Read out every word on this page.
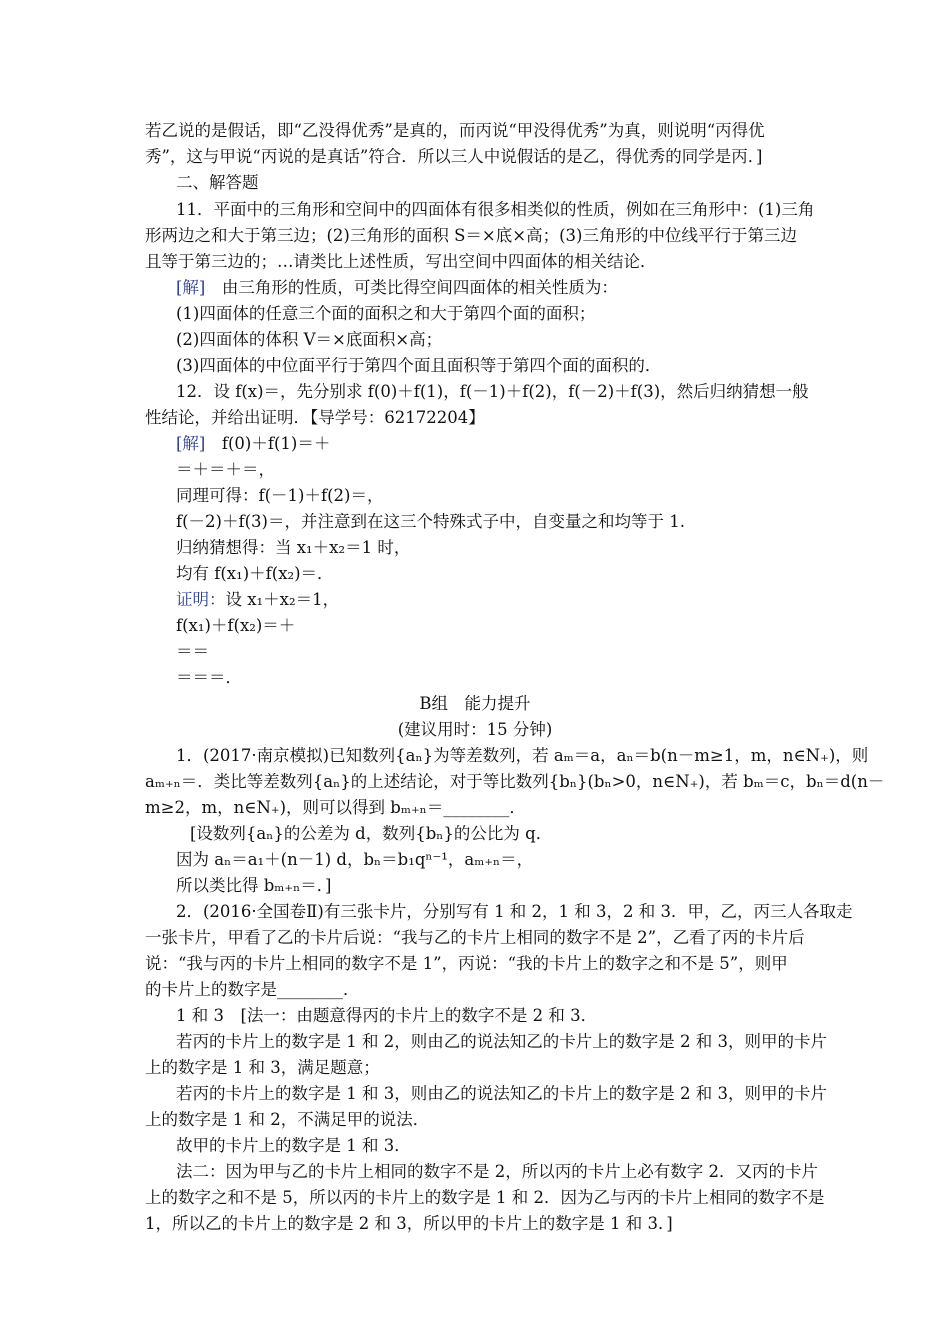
若乙说的是假话，即“乙没得优秀”是真的，而丙说“甲没得优秀”为真，则说明“丙得优
秀”，这与甲说“丙说的是真话”符合．所以三人中说假话的是乙，得优秀的同学是丙．]
二、解答题
11．平面中的三角形和空间中的四面体有很多相类似的性质，例如在三角形中：(1)三角
形两边之和大于第三边；(2)三角形的面积 S＝×底×高；(3)三角形的中位线平行于第三边
且等于第三边的；…请类比上述性质，写出空间中四面体的相关结论．
[解]　 由三角形的性质，可类比得空间四面体的相关性质为：
(1)四面体的任意三个面的面积之和大于第四个面的面积；
(2)四面体的体积 V＝×底面积×高；
(3)四面体的中位面平行于第四个面且面积等于第四个面的面积的．
12．设 f(x)＝，先分别求 f(0)＋f(1)，f(－1)＋f(2)，f(－2)＋f(3)，然后归纳猜想一般
性结论，并给出证明．【导学号：62172204】
[解]　 f(0)＋f(1)＝＋
＝＋＝＋＝，
同理可得：f(－1)＋f(2)＝，
f(－2)＋f(3)＝，并注意到在这三个特殊式子中，自变量之和均等于 1.
归纳猜想得：当 x₁＋x₂＝1 时，
均有 f(x₁)＋f(x₂)＝．
证明：设 x₁＋x₂＝1，
f(x₁)＋f(x₂)＝＋
＝＝
＝＝＝．
B组　能力提升
(建议用时：15 分钟)
1．(2017·南京模拟)已知数列{aₙ}为等差数列，若 aₘ＝a，aₙ＝b(n－m≥1，m，n∈N₊)，则
aₘ₊ₙ＝．类比等差数列{aₙ}的上述结论，对于等比数列{bₙ}(bₙ>0，n∈N₊)，若 bₘ＝c，bₙ＝d(n－
m≥2，m，n∈N₊)，则可以得到 bₘ₊ₙ＝________．
[设数列{aₙ}的公差为 d，数列{bₙ}的公比为 q．
因为 aₙ＝a₁＋(n－1) d，bₙ＝b₁qⁿ⁻¹，aₘ₊ₙ＝，
所以类比得 bₘ₊ₙ＝．]
2．(2016·全国卷Ⅱ)有三张卡片，分别写有 1 和 2，1 和 3，2 和 3．甲，乙，丙三人各取走
一张卡片，甲看了乙的卡片后说：“我与乙的卡片上相同的数字不是 2”，乙看了丙的卡片后
说：“我与丙的卡片上相同的数字不是 1”，丙说：“我的卡片上的数字之和不是 5”，则甲
的卡片上的数字是________．
1 和 3　[法一：由题意得丙的卡片上的数字不是 2 和 3．
若丙的卡片上的数字是 1 和 2，则由乙的说法知乙的卡片上的数字是 2 和 3，则甲的卡片
上的数字是 1 和 3，满足题意；
若丙的卡片上的数字是 1 和 3，则由乙的说法知乙的卡片上的数字是 2 和 3，则甲的卡片
上的数字是 1 和 2，不满足甲的说法．
故甲的卡片上的数字是 1 和 3．
法二：因为甲与乙的卡片上相同的数字不是 2，所以丙的卡片上必有数字 2．又丙的卡片
上的数字之和不是 5，所以丙的卡片上的数字是 1 和 2．因为乙与丙的卡片上相同的数字不是
1，所以乙的卡片上的数字是 2 和 3，所以甲的卡片上的数字是 1 和 3．]
